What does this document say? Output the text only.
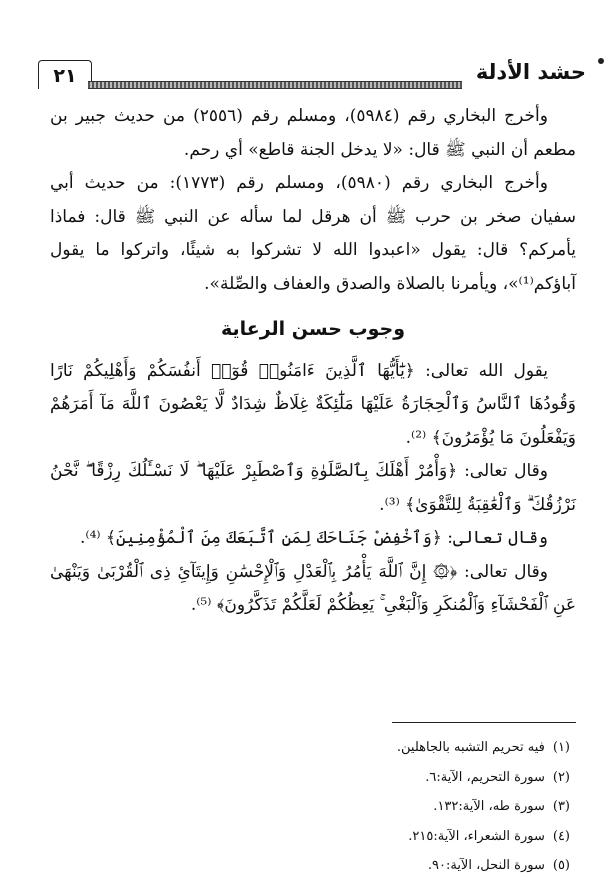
٢١	حشد الأدلة

وأخرج البخاري رقم (٥٩٨٤)، ومسلم رقم (٢٥٥٦) من حديث جبير بن مطعم أن النبي ﷺ قال: «لا يدخل الجنة قاطع» أي رحم.

وأخرج البخاري رقم (٥٩٨٠)، ومسلم رقم (١٧٧٣): من حديث أبي سفيان صخر بن حرب ﷺ أن هرقل لما سأله عن النبي ﷺ قال: فماذا يأمركم؟ قال: يقول «اعبدوا الله لا تشركوا به شيئًا، واتركوا ما يقول آباؤكم⁽¹⁾»، ويأمرنا بالصلاة والصدق والعفاف والصِّلة».

وجوب حسن الرعاية

يقول الله تعالى: ﴿يَٰٓأَيُّهَا ٱلَّذِينَ ءَامَنُوا۟ قُوٓا۟ أَنفُسَكُمْ وَأَهْلِيكُمْ نَارًا وَقُودُهَا ٱلنَّاسُ وَٱلْحِجَارَةُ عَلَيْهَا مَلَٰٓئِكَةٌ غِلَاظٌ شِدَادٌ لَّا يَعْصُونَ ٱللَّهَ مَآ أَمَرَهُمْ وَيَفْعَلُونَ مَا يُؤْمَرُونَ﴾ ⁽²⁾.

وقال تعالى: ﴿وَأْمُرْ أَهْلَكَ بِٱلصَّلَوٰةِ وَٱصْطَبِرْ عَلَيْهَا ۖ لَا نَسْـَٔلُكَ رِزْقًا ۖ نَّحْنُ نَرْزُقُكَ ۗ وَٱلْعَٰقِبَةُ لِلتَّقْوَىٰ﴾ ⁽³⁾.

وقال تعالى: ﴿وَٱخْفِضْ جَنَاحَكَ لِمَنِ ٱتَّبَعَكَ مِنَ ٱلْمُؤْمِنِينَ﴾ ⁽⁴⁾.

وقال تعالى: ﴿۞ إِنَّ ٱللَّهَ يَأْمُرُ بِٱلْعَدْلِ وَٱلْإِحْسَٰنِ وَإِيتَآئِ ذِى ٱلْقُرْبَىٰ وَيَنْهَىٰ عَنِ ٱلْفَحْشَآءِ وَٱلْمُنكَرِ وَٱلْبَغْىِ ۚ يَعِظُكُمْ لَعَلَّكُمْ تَذَكَّرُونَ﴾ ⁽⁵⁾.

(١)فيه تحريم التشبه بالجاهلين.
(٢)سورة التحريم، الآية:٦.
(٣)سورة طه، الآية:١٣٢.
(٤)سورة الشعراء، الآية:٢١٥.
(٥)سورة النحل، الآية:٩٠.
